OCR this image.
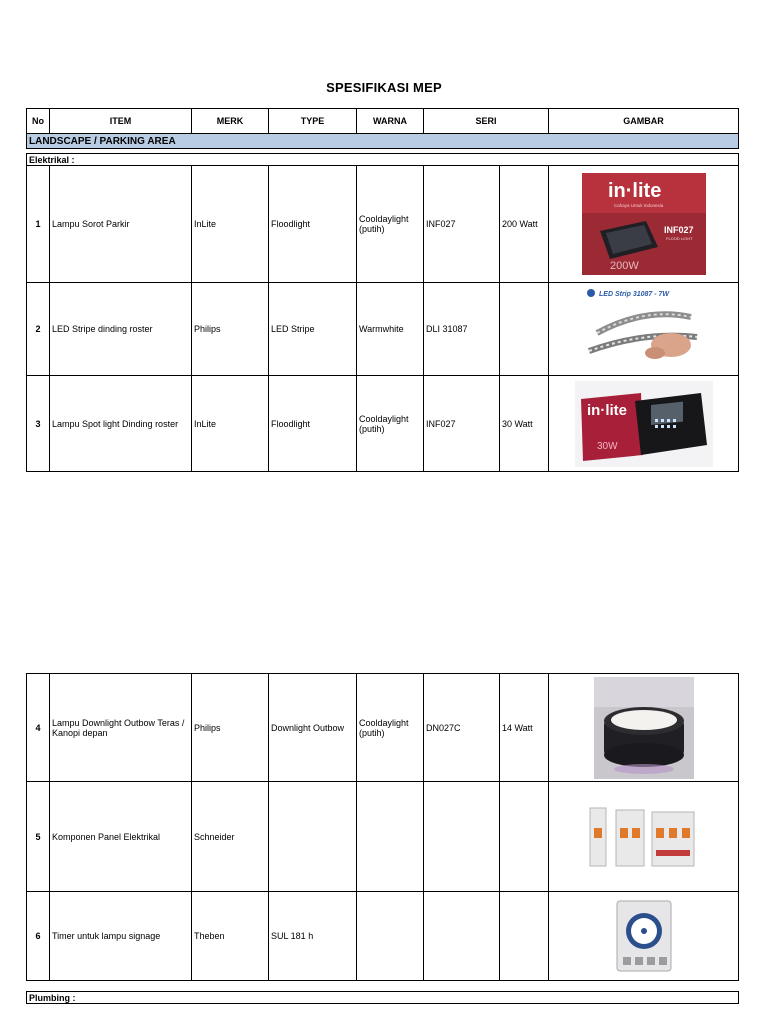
SPESIFIKASI MEP
No	ITEM	MERK	TYPE	WARNA	SERI		GAMBAR
LANDSCAPE / PARKING AREA							

Elektrikal :							
1	Lampu Sorot Parkir	InLite	Floodlight	Cooldaylight (putih)	INF027	200 Watt	in·lite
Cahaya Untuk Indonesia
INF027
FLOOD LIGHT
200W

2	LED Stripe dinding roster	Philips	LED Stripe	Warmwhite	DLI 31087		LED Strip 31087 - 7W

3	Lampu Spot light Dinding roster	InLite	Floodlight	Cooldaylight (putih)	INF027	30 Watt	in·lite
30W
4	Lampu Downlight Outbow Teras / Kanopi depan	Philips	Downlight Outbow	Cooldaylight (putih)	DN027C	14 Watt	

5	Komponen Panel Elektrikal	Schneider					

6	Timer untuk lampu signage	Theben	SUL 181 h				

Plumbing :							
